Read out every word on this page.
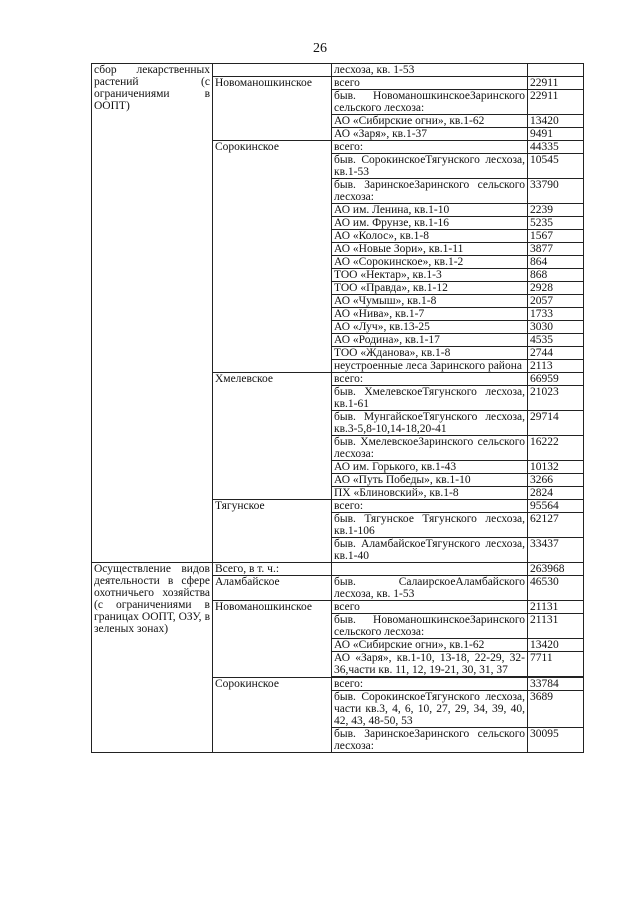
26
сбор лекарственных растений (с ограничениями в ООПТ)		лесхоза, кв. 1-53	
	Новоманошкинское	всего	22911
		быв. НовоманошкинскоеЗаринского сельского лесхоза:	22911
		АО «Сибирские огни», кв.1-62	13420
		АО «Заря», кв.1-37	9491
	Сорокинское	всего:	44335
		быв. СорокинскоеТягунского лесхоза, кв.1-53	10545
		быв. ЗаринскоеЗаринского сельского лесхоза:	33790
		АО им. Ленина, кв.1-10	2239
		АО им. Фрунзе, кв.1-16	5235
		АО «Колос», кв.1-8	1567
		АО «Новые Зори», кв.1-11	3877
		АО «Сорокинское», кв.1-2	864
		ТОО «Нектар», кв.1-3	868
		ТОО «Правда», кв.1-12	2928
		АО «Чумыш», кв.1-8	2057
		АО «Нива», кв.1-7	1733
		АО «Луч», кв.13-25	3030
		АО «Родина», кв.1-17	4535
		ТОО «Жданова», кв.1-8	2744
		неустроенные леса Заринского района	2113
	Хмелевское	всего:	66959
		быв. ХмелевскоеТягунского лесхоза, кв.1-61	21023
		быв. МунгайскоеТягунского лесхоза, кв.3-5,8-10,14-18,20-41	29714
		быв. ХмелевскоеЗаринского сельского лесхоза:	16222
		АО им. Горького, кв.1-43	10132
		АО «Путь Победы», кв.1-10	3266
		ПХ «Блиновский», кв.1-8	2824
	Тягунское	всего:	95564
		быв. Тягунское Тягунского лесхоза, кв.1-106	62127
		быв. АламбайскоеТягунского лесхоза, кв.1-40	33437
Осуществление видов деятельности в сфере охотничьего хозяйства (с ограничениями в границах ООПТ, ОЗУ, в зеленых зонах)	Всего, в т. ч.:		263968
	Аламбайское	быв. СалаирскоеАламбайского лесхоза, кв. 1-53	46530
	Новоманошкинское	всего	21131
		быв. НовоманошкинскоеЗаринского сельского лесхоза:	21131
		АО «Сибирские огни», кв.1-62	13420
		АО «Заря», кв.1-10, 13-18, 22-29, 32-36,части кв. 11, 12, 19-21, 30, 31, 37	7711

	Сорокинское	всего:	33784
		быв. СорокинскоеТягунского лесхоза, части кв.3, 4, 6, 10, 27, 29, 34, 39, 40, 42, 43, 48-50, 53	3689
		быв. ЗаринскоеЗаринского сельского лесхоза:	30095
